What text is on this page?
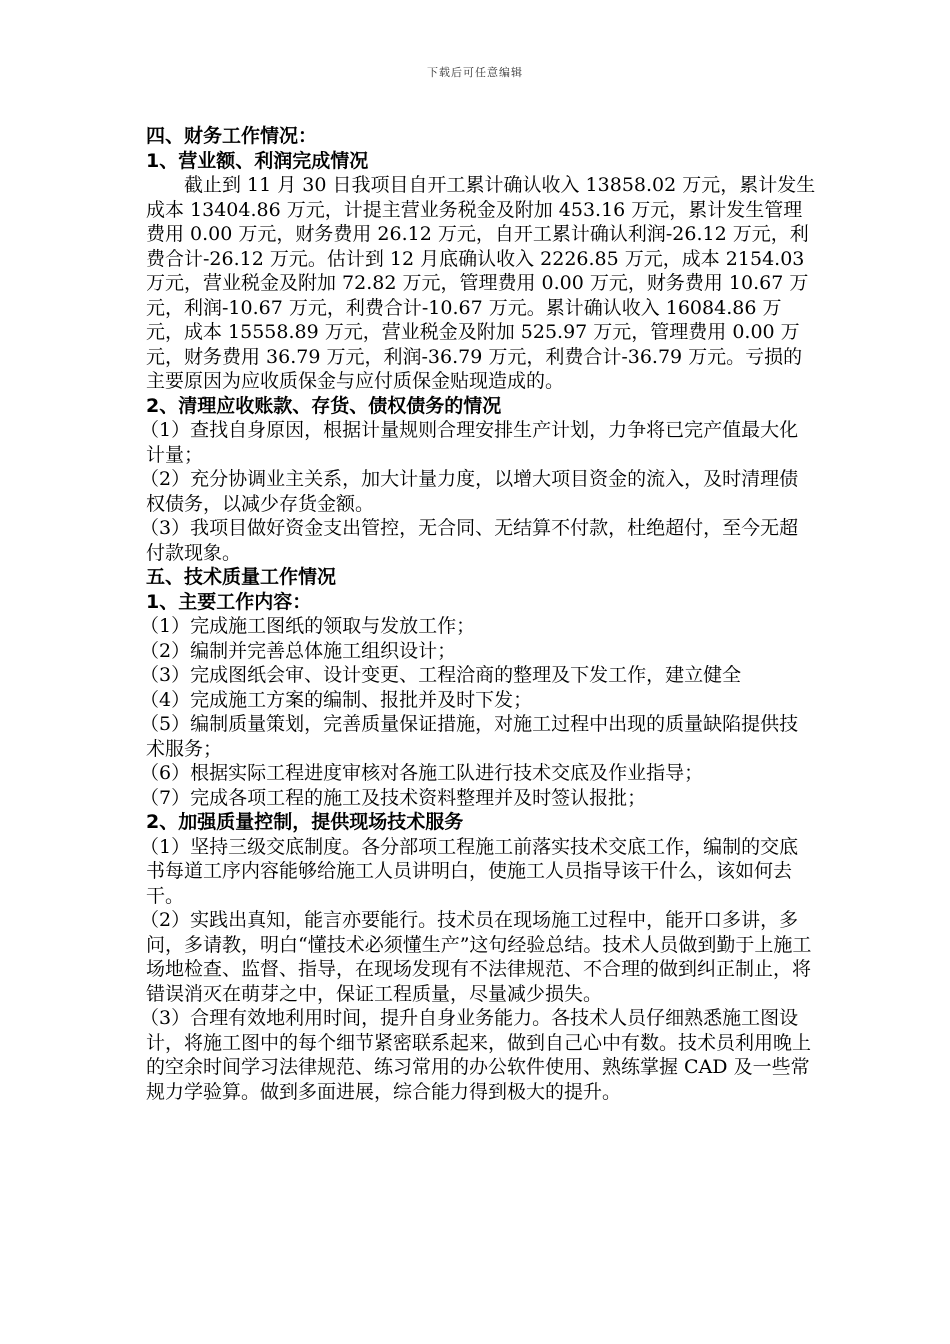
下载后可任意编辑

四、财务工作情况：

1、营业额、利润完成情况

截止到 11 月 30 日我项目自开工累计确认收入 13858.02 万元，累计发生成本 13404.86 万元，计提主营业务税金及附加 453.16 万元，累计发生管理费用 0.00 万元，财务费用 26.12 万元，自开工累计确认利润-26.12 万元，利费合计-26.12 万元。估计到 12 月底确认收入 2226.85 万元，成本 2154.03 万元，营业税金及附加 72.82 万元，管理费用 0.00 万元，财务费用 10.67 万元，利润-10.67 万元，利费合计-10.67 万元。累计确认收入 16084.86 万元，成本 15558.89 万元，营业税金及附加 525.97 万元，管理费用 0.00 万元，财务费用 36.79 万元，利润-36.79 万元，利费合计-36.79 万元。亏损的主要原因为应收质保金与应付质保金贴现造成的。

2、清理应收账款、存货、债权债务的情况

（1）查找自身原因，根据计量规则合理安排生产计划，力争将已完产值最大化计量；

（2）充分协调业主关系，加大计量力度，以增大项目资金的流入，及时清理债权债务，以减少存货金额。

（3）我项目做好资金支出管控，无合同、无结算不付款，杜绝超付，至今无超付款现象。

五、技术质量工作情况

1、主要工作内容：

（1）完成施工图纸的领取与发放工作；

（2）编制并完善总体施工组织设计；

（3）完成图纸会审、设计变更、工程洽商的整理及下发工作，建立健全

（4）完成施工方案的编制、报批并及时下发；

（5）编制质量策划，完善质量保证措施，对施工过程中出现的质量缺陷提供技术服务；

（6）根据实际工程进度审核对各施工队进行技术交底及作业指导；

（7）完成各项工程的施工及技术资料整理并及时签认报批；

2、加强质量控制，提供现场技术服务

（1）坚持三级交底制度。各分部项工程施工前落实技术交底工作，编制的交底书每道工序内容能够给施工人员讲明白，使施工人员指导该干什么，该如何去干。

（2）实践出真知，能言亦要能行。技术员在现场施工过程中，能开口多讲，多问，多请教，明白“懂技术必须懂生产”这句经验总结。技术人员做到勤于上施工场地检查、监督、指导，在现场发现有不法律规范、不合理的做到纠正制止，将错误消灭在萌芽之中，保证工程质量，尽量减少损失。

（3）合理有效地利用时间，提升自身业务能力。各技术人员仔细熟悉施工图设计，将施工图中的每个细节紧密联系起来，做到自己心中有数。技术员利用晚上的空余时间学习法律规范、练习常用的办公软件使用、熟练掌握 CAD 及一些常规力学验算。做到多面进展，综合能力得到极大的提升。
